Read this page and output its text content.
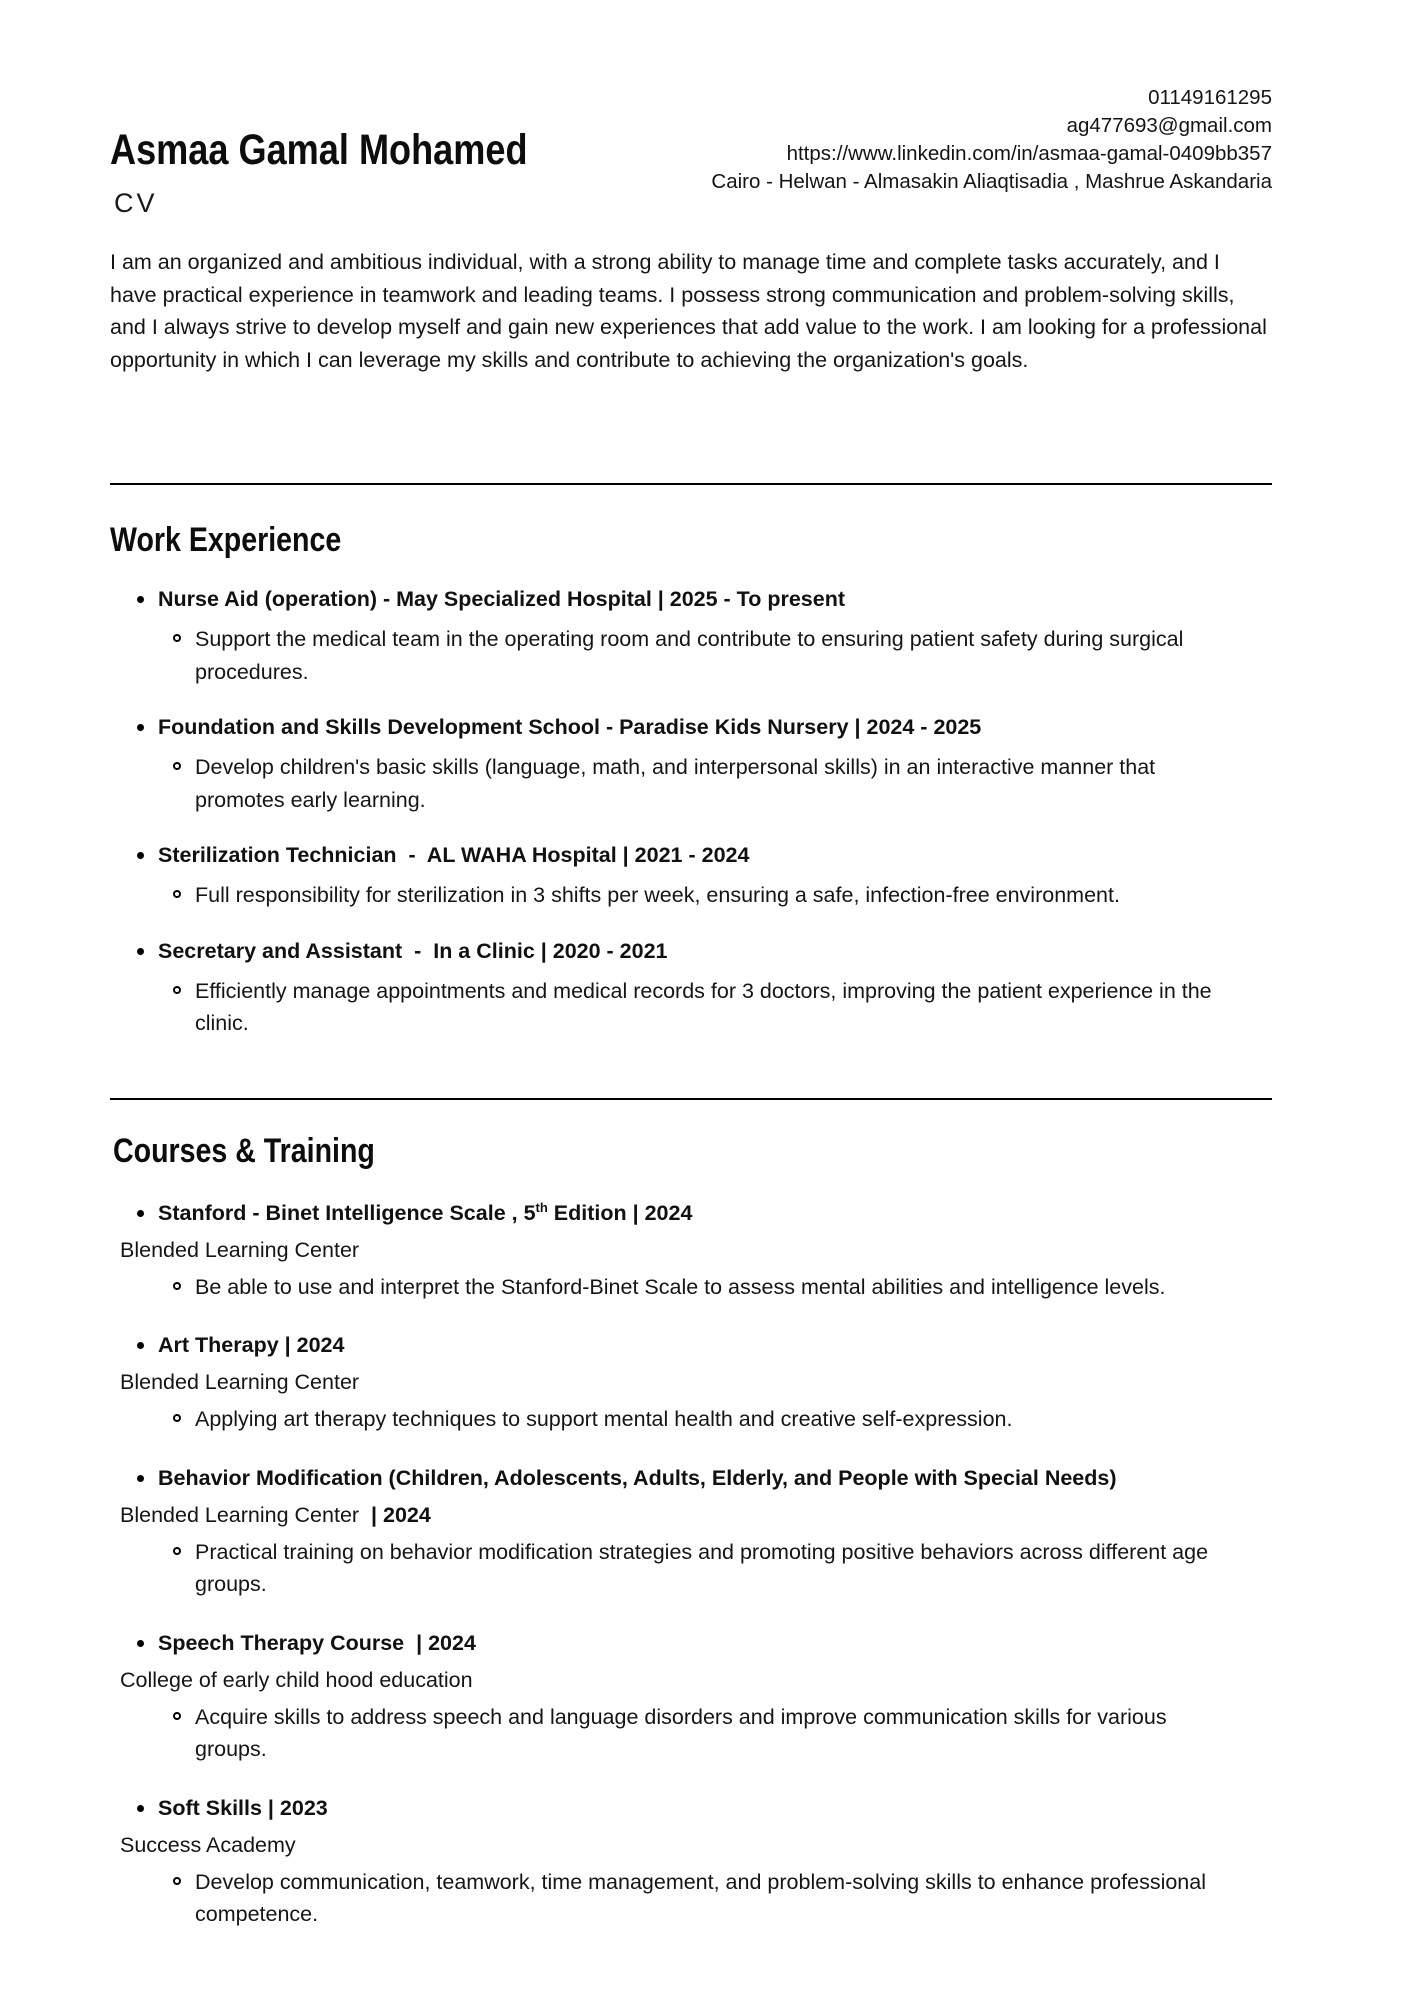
Asmaa Gamal Mohamed
CV
01149161295
ag477693@gmail.com
https://www.linkedin.com/in/asmaa-gamal-0409bb357
Cairo - Helwan - Almasakin Aliaqtisadia , Mashrue Askandaria
I am an organized and ambitious individual, with a strong ability to manage time and complete tasks accurately, and I have practical experience in teamwork and leading teams. I possess strong communication and problem-solving skills, and I always strive to develop myself and gain new experiences that add value to the work. I am looking for a professional opportunity in which I can leverage my skills and contribute to achieving the organization's goals.
Work Experience
Nurse Aid (operation) - May Specialized Hospital | 2025 - To present
Support the medical team in the operating room and contribute to ensuring patient safety during surgical procedures.
Foundation and Skills Development School - Paradise Kids Nursery | 2024 - 2025
Develop children's basic skills (language, math, and interpersonal skills) in an interactive manner that promotes early learning.
Sterilization Technician  -  AL WAHA Hospital | 2021 - 2024
Full responsibility for sterilization in 3 shifts per week, ensuring a safe, infection-free environment.
Secretary and Assistant  -  In a Clinic | 2020 - 2021
Efficiently manage appointments and medical records for 3 doctors, improving the patient experience in the clinic.
Courses & Training
Stanford - Binet Intelligence Scale , 5th Edition | 2024
Blended Learning Center
Be able to use and interpret the Stanford-Binet Scale to assess mental abilities and intelligence levels.
Art Therapy | 2024
Blended Learning Center
Applying art therapy techniques to support mental health and creative self-expression.
Behavior Modification (Children, Adolescents, Adults, Elderly, and People with Special Needs)
Blended Learning Center  | 2024
Practical training on behavior modification strategies and promoting positive behaviors across different age groups.
Speech Therapy Course  | 2024
College of early child hood education
Acquire skills to address speech and language disorders and improve communication skills for various groups.
Soft Skills | 2023
Success Academy
Develop communication, teamwork, time management, and problem-solving skills to enhance professional competence.
